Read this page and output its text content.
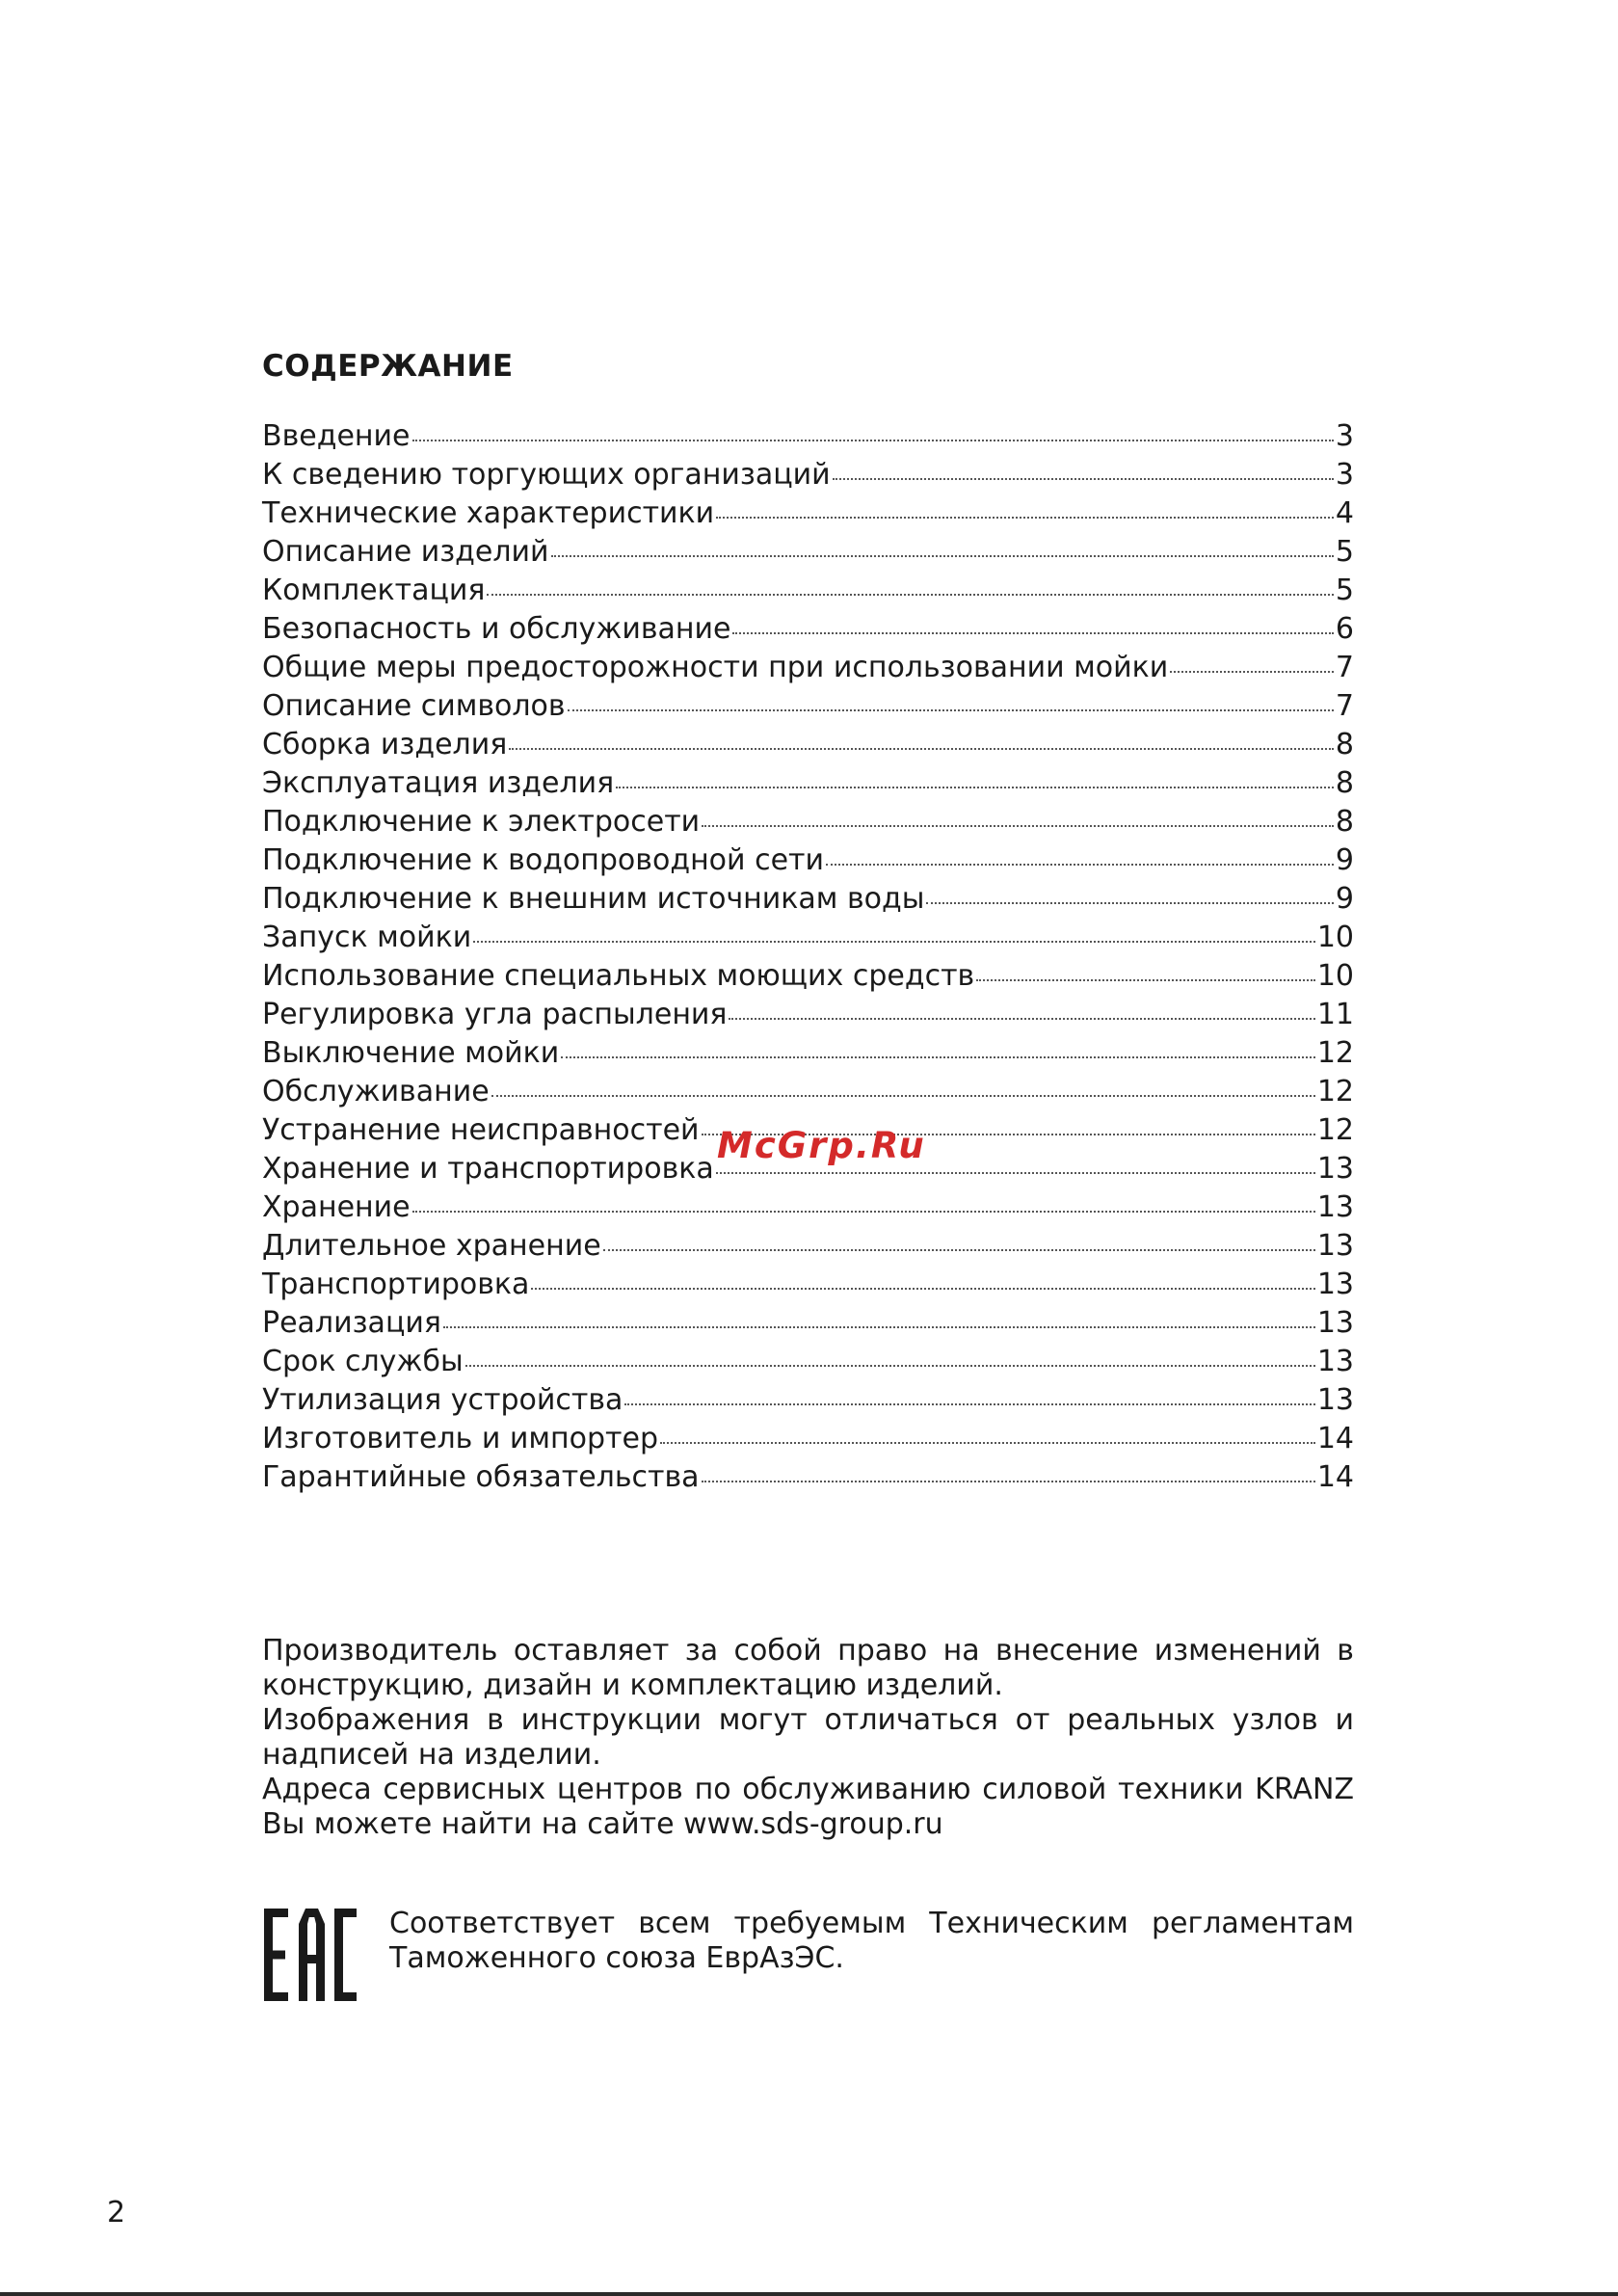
СОДЕРЖАНИЕ
Введение	3
К сведению торгующих организаций	3
Технические характеристики	4
Описание изделий	5
Комплектация	5
Безопасность и обслуживание	6
Общие меры предосторожности при использовании мойки	7
Описание символов	7
Сборка изделия	8
Эксплуатация изделия	8
Подключение к электросети	8
Подключение к водопроводной сети	9
Подключение к внешним источникам воды	9
Запуск мойки	10
Использование специальных моющих средств	10
Регулировка угла распыления	11
Выключение мойки	12
Обслуживание	12
Устранение неисправностей	12
Хранение и транспортировка	13
Хранение	13
Длительное хранение	13
Транспортировка	13
Реализация	13
Срок службы	13
Утилизация устройства	13
Изготовитель и импортер	14
Гарантийные обязательства	14
McGrp.Ru

Производитель оставляет за собой право на внесение изменений в конструкцию, дизайн и комплектацию изделий.

Изображения в инструкции могут отличаться от реальных узлов и надписей на изделии.

Адреса сервисных центров по обслуживанию силовой техники KRANZ Вы можете найти на сайте www.sds-group.ru

Соответствует всем требуемым Техническим регламентам Таможенного союза ЕврАзЭС.

2
